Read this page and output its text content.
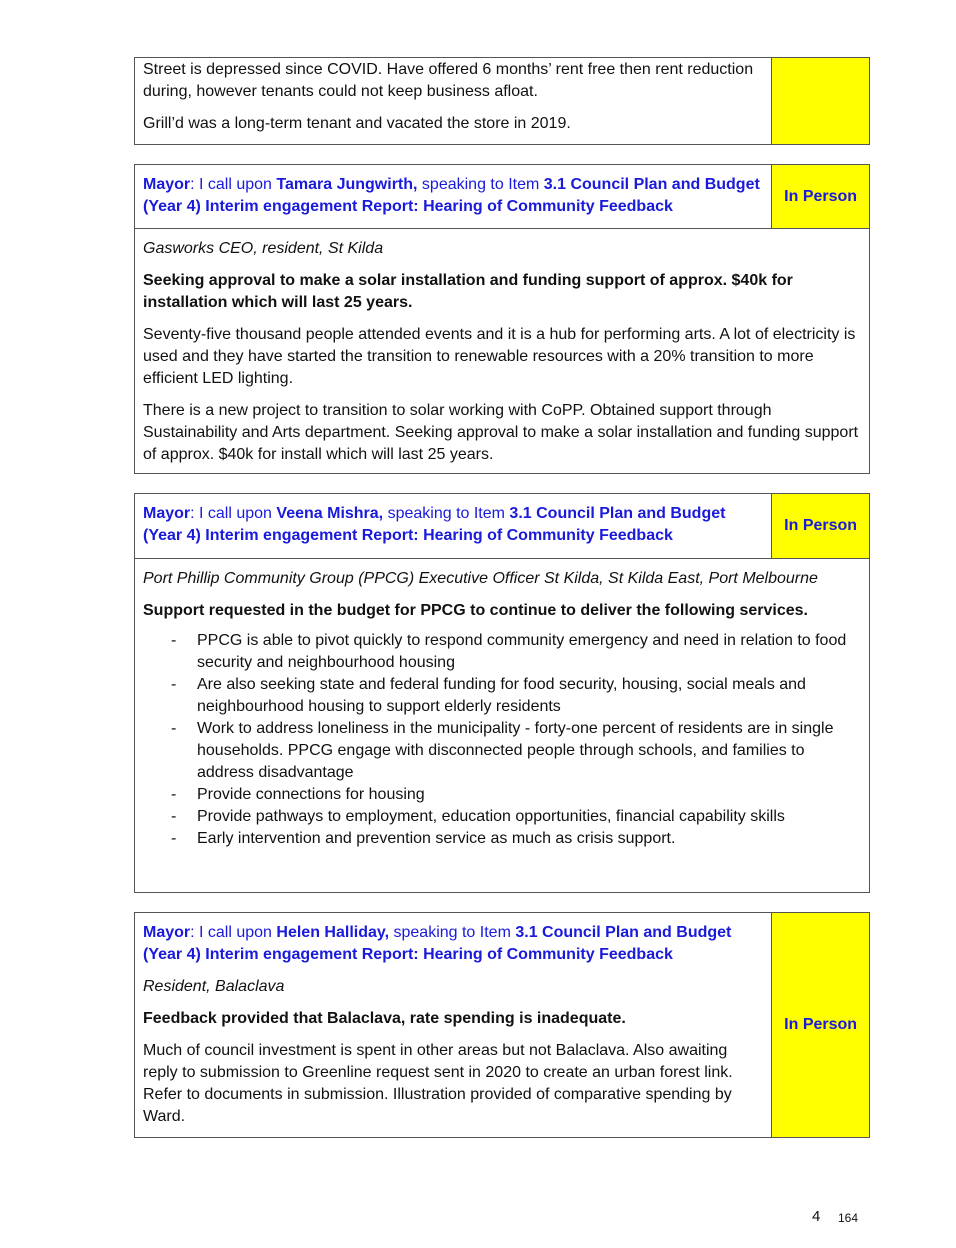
Street is depressed since COVID. Have offered 6 months’ rent free then rent reduction during, however tenants could not keep business afloat.

Grill’d was a long-term tenant and vacated the store in 2019.

Mayor: I call upon Tamara Jungwirth, speaking to Item 3.1 Council Plan and Budget (Year 4) Interim engagement Report: Hearing of Community Feedback

In Person

Gasworks CEO, resident, St Kilda

Seeking approval to make a solar installation and funding support of approx. $40k for installation which will last 25 years.

Seventy-five thousand people attended events and it is a hub for performing arts. A lot of electricity is used and they have started the transition to renewable resources with a 20% transition to more efficient LED lighting.

There is a new project to transition to solar working with CoPP. Obtained support through Sustainability and Arts department. Seeking approval to make a solar installation and funding support of approx. $40k for install which will last 25 years.

Mayor: I call upon Veena Mishra, speaking to Item 3.1 Council Plan and Budget (Year 4) Interim engagement Report: Hearing of Community Feedback

In Person

Port Phillip Community Group (PPCG) Executive Officer St Kilda, St Kilda East, Port Melbourne

Support requested in the budget for PPCG to continue to deliver the following services.

- PPCG is able to pivot quickly to respond community emergency and need in relation to food security and neighbourhood housing
- Are also seeking state and federal funding for food security, housing, social meals and neighbourhood housing to support elderly residents
- Work to address loneliness in the municipality - forty-one percent of residents are in single households. PPCG engage with disconnected people through schools, and families to address disadvantage
- Provide connections for housing
- Provide pathways to employment, education opportunities, financial capability skills
- Early intervention and prevention service as much as crisis support.

Mayor: I call upon Helen Halliday, speaking to Item 3.1 Council Plan and Budget (Year 4) Interim engagement Report: Hearing of Community Feedback

Resident, Balaclava

Feedback provided that Balaclava, rate spending is inadequate.

Much of council investment is spent in other areas but not Balaclava. Also awaiting reply to submission to Greenline request sent in 2020 to create an urban forest link. Refer to documents in submission. Illustration provided of comparative spending by Ward.

In Person
4 164
